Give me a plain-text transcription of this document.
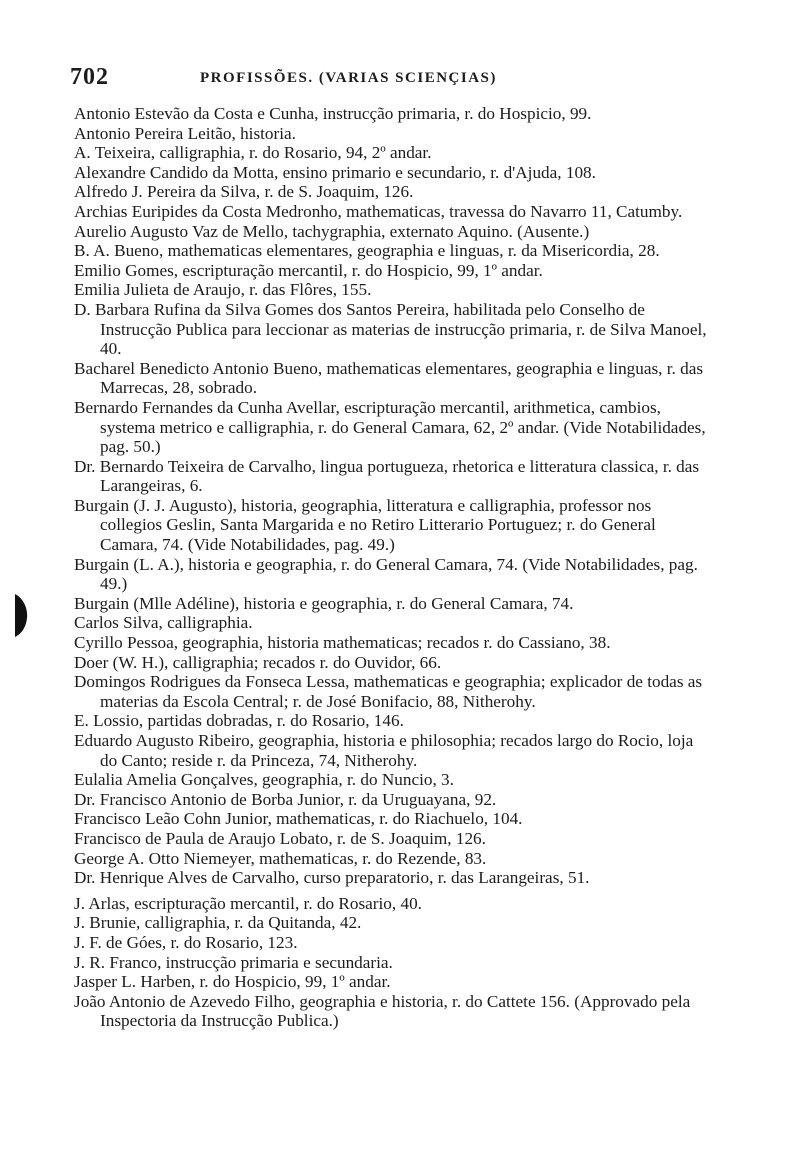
702	PROFISSÕES. (VARIAS SCIENÇIAS)

Antonio Estevão da Costa e Cunha, instrucção primaria, r. do Hospicio, 99.

Antonio Pereira Leitão, historia.

A. Teixeira, calligraphia, r. do Rosario, 94, 2º andar.

Alexandre Candido da Motta, ensino primario e secundario, r. d'Ajuda, 108.

Alfredo J. Pereira da Silva, r. de S. Joaquim, 126.

Archias Euripides da Costa Medronho, mathematicas, travessa do Navarro 11, Catumby.

Aurelio Augusto Vaz de Mello, tachygraphia, externato Aquino. (Ausente.)

B. A. Bueno, mathematicas elementares, geographia e linguas, r. da Misericordia, 28.

Emilio Gomes, escripturação mercantil, r. do Hospicio, 99, 1º andar.

Emilia Julieta de Araujo, r. das Flôres, 155.

D. Barbara Rufina da Silva Gomes dos Santos Pereira, habilitada pelo Conselho de Instrucção Publica para leccionar as materias de instrucção primaria, r. de Silva Manoel, 40.

Bacharel Benedicto Antonio Bueno, mathematicas elementares, geographia e linguas, r. das Marrecas, 28, sobrado.

Bernardo Fernandes da Cunha Avellar, escripturação mercantil, arithmetica, cambios, systema metrico e calligraphia, r. do General Camara, 62, 2º andar. (Vide Notabilidades, pag. 50.)

Dr. Bernardo Teixeira de Carvalho, lingua portugueza, rhetorica e litteratura classica, r. das Larangeiras, 6.

Burgain (J. J. Augusto), historia, geographia, litteratura e calligraphia, professor nos collegios Geslin, Santa Margarida e no Retiro Litterario Portuguez; r. do General Camara, 74. (Vide Notabilidades, pag. 49.)

Burgain (L. A.), historia e geographia, r. do General Camara, 74. (Vide Notabilidades, pag. 49.)

Burgain (Mlle Adéline), historia e geographia, r. do General Camara, 74.

Carlos Silva, calligraphia.

Cyrillo Pessoa, geographia, historia mathematicas; recados r. do Cassiano, 38.

Doer (W. H.), calligraphia; recados r. do Ouvidor, 66.

Domingos Rodrigues da Fonseca Lessa, mathematicas e geographia; explicador de todas as materias da Escola Central; r. de José Bonifacio, 88, Nitherohy.

E. Lossio, partidas dobradas, r. do Rosario, 146.

Eduardo Augusto Ribeiro, geographia, historia e philosophia; recados largo do Rocio, loja do Canto; reside r. da Princeza, 74, Nitherohy.

Eulalia Amelia Gonçalves, geographia, r. do Nuncio, 3.

Dr. Francisco Antonio de Borba Junior, r. da Uruguayana, 92.

Francisco Leão Cohn Junior, mathematicas, r. do Riachuelo, 104.

Francisco de Paula de Araujo Lobato, r. de S. Joaquim, 126.

George A. Otto Niemeyer, mathematicas, r. do Rezende, 83.

Dr. Henrique Alves de Carvalho, curso preparatorio, r. das Larangeiras, 51.

J. Arlas, escripturação mercantil, r. do Rosario, 40.

J. Brunie, calligraphia, r. da Quitanda, 42.

J. F. de Góes, r. do Rosario, 123.

J. R. Franco, instrucção primaria e secundaria.

Jasper L. Harben, r. do Hospicio, 99, 1º andar.

João Antonio de Azevedo Filho, geographia e historia, r. do Cattete 156. (Approvado pela Inspectoria da Instrucção Publica.)
